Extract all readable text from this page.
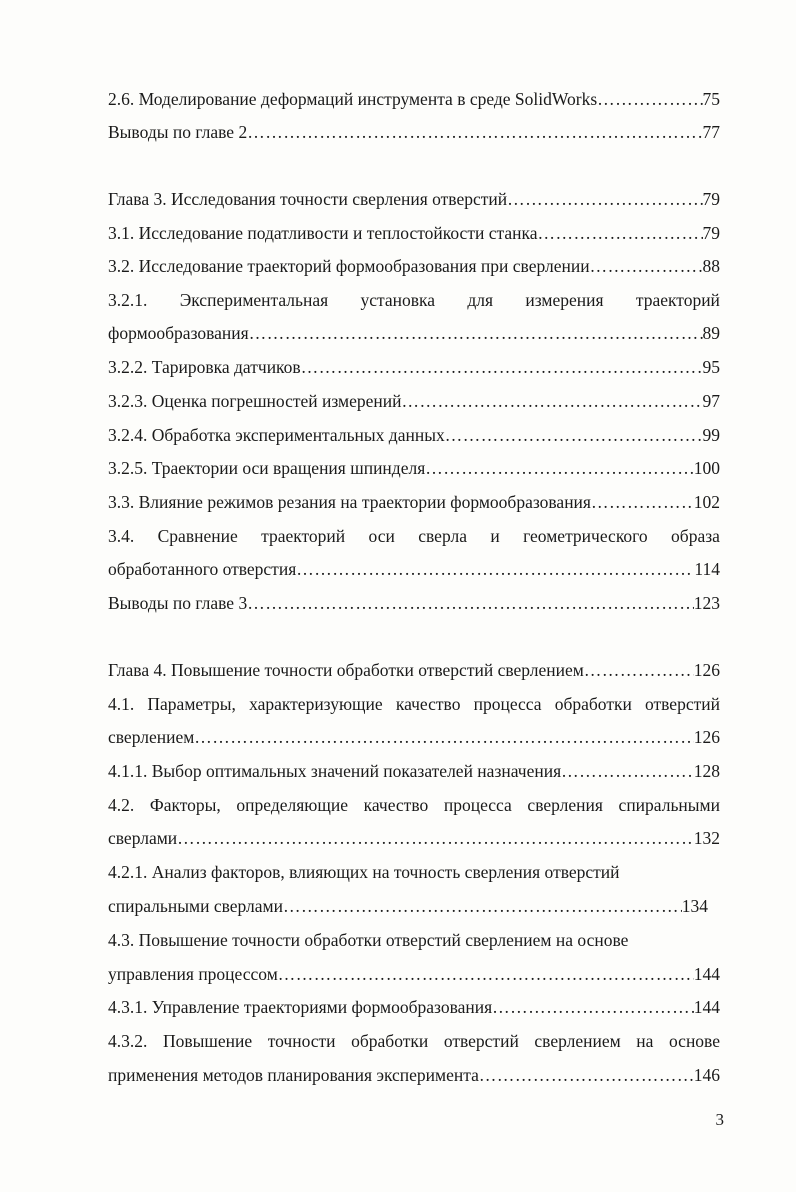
2.6. Моделирование деформаций инструмента в среде SolidWorks ………………………………………………………………………………………………………………………………………………………………	75
Выводы по главе 2 ………………………………………………………………………………………………………………………………………………………………	77
Глава 3. Исследования точности сверления отверстий ………………………………………………………………………………………………………………………………………………………………	79
3.1. Исследование податливости и теплостойкости станка ………………………………………………………………………………………………………………………………………………………………	79
3.2. Исследование траекторий формообразования при сверлении ………………………………………………………………………………………………………………………………………………………………	88
3.2.1. Экспериментальная установка для измерения траекторий
формообразования ………………………………………………………………………………………………………………………………………………………………	89
3.2.2. Тарировка датчиков ………………………………………………………………………………………………………………………………………………………………	95
3.2.3. Оценка погрешностей измерений ………………………………………………………………………………………………………………………………………………………………	97
3.2.4. Обработка экспериментальных данных ………………………………………………………………………………………………………………………………………………………………	99
3.2.5. Траектории оси вращения шпинделя ………………………………………………………………………………………………………………………………………………………………	100
3.3. Влияние режимов резания на траектории формообразования ………………………………………………………………………………………………………………………………………………………………	102
3.4. Сравнение траекторий оси сверла и геометрического образа
обработанного отверстия ………………………………………………………………………………………………………………………………………………………………	114
Выводы по главе 3 ………………………………………………………………………………………………………………………………………………………………	123
Глава 4. Повышение точности обработки отверстий сверлением ………………………………………………………………………………………………………………………………………………………………	126
4.1. Параметры, характеризующие качество процесса обработки отверстий
сверлением ………………………………………………………………………………………………………………………………………………………………	126
4.1.1. Выбор оптимальных значений показателей назначения ………………………………………………………………………………………………………………………………………………………………	128
4.2. Факторы, определяющие качество процесса сверления спиральными
сверлами ………………………………………………………………………………………………………………………………………………………………	132
4.2.1. Анализ факторов, влияющих на точность сверления отверстий
спиральными сверлами ………………………………………………………………………………………………………………………………………………………………	134
4.3. Повышение точности обработки отверстий сверлением на основе
управления процессом ………………………………………………………………………………………………………………………………………………………………	144
4.3.1. Управление траекториями формообразования ………………………………………………………………………………………………………………………………………………………………	144
4.3.2. Повышение точности обработки отверстий сверлением на основе
применения методов планирования эксперимента ………………………………………………………………………………………………………………………………………………………………	146
3
